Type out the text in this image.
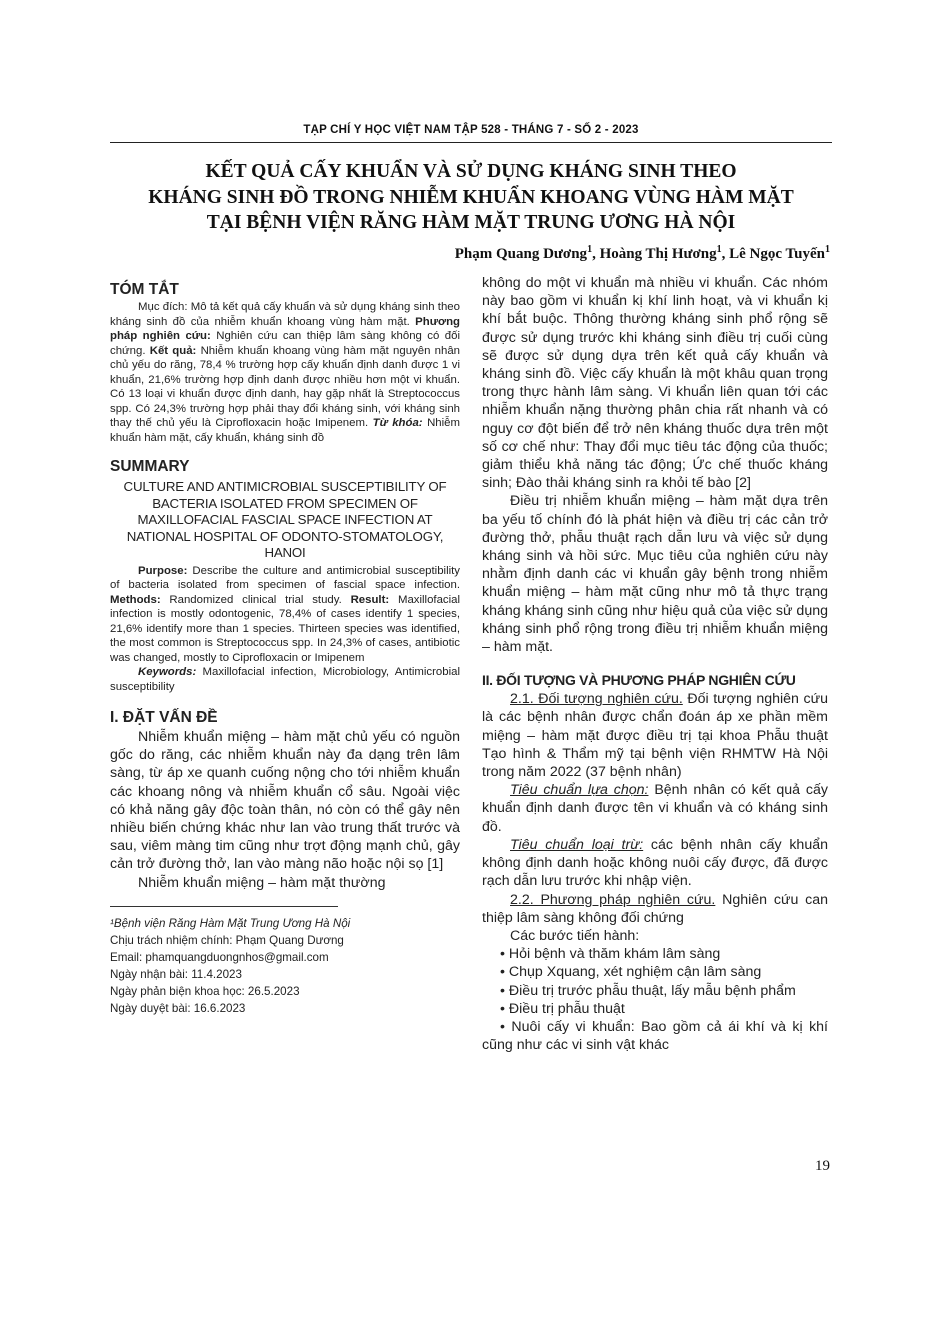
TẠP CHÍ Y HỌC VIỆT NAM TẬP 528 - THÁNG 7 - SỐ 2 - 2023
KẾT QUẢ CẤY KHUẨN VÀ SỬ DỤNG KHÁNG SINH THEO
KHÁNG SINH ĐỒ TRONG NHIỄM KHUẨN KHOANG VÙNG HÀM MẶT
TẠI BỆNH VIỆN RĂNG HÀM MẶT TRUNG ƯƠNG HÀ NỘI
Phạm Quang Dương$^1$, Hoàng Thị Hương$^1$, Lê Ngọc Tuyến$^1$
TÓM TẮT

Mục đích: Mô tả kết quả cấy khuẩn và sử dụng kháng sinh theo kháng sinh đồ của nhiễm khuẩn khoang vùng hàm mặt. Phương pháp nghiên cứu: Nghiên cứu can thiệp lâm sàng không có đối chứng. Kết quả: Nhiễm khuẩn khoang vùng hàm mặt nguyên nhân chủ yếu do răng, 78,4 % trường hợp cấy khuẩn định danh được 1 vi khuẩn, 21,6% trường hợp định danh được nhiều hơn một vi khuẩn. Có 13 loại vi khuẩn được định danh, hay gặp nhất là Streptococcus spp. Có 24,3% trường hợp phải thay đổi kháng sinh, với kháng sinh thay thế chủ yếu là Ciprofloxacin hoặc Imipenem. Từ khóa: Nhiễm khuẩn hàm mặt, cấy khuẩn, kháng sinh đồ

SUMMARY
CULTURE AND ANTIMICROBIAL SUSCEPTIBILITY OF BACTERIA ISOLATED FROM SPECIMEN OF MAXILLOFACIAL FASCIAL SPACE INFECTION AT NATIONAL HOSPITAL OF ODONTO-STOMATOLOGY, HANOI

Purpose: Describe the culture and antimicrobial susceptibility of bacteria isolated from specimen of fascial space infection. Methods: Randomized clinical trial study. Result: Maxillofacial infection is mostly odontogenic, 78,4% of cases identify 1 species, 21,6% identify more than 1 species. Thirteen species was identified, the most common is Streptococcus spp. In 24,3% of cases, antibiotic was changed, mostly to Ciprofloxacin or Imipenem

Keywords: Maxillofacial infection, Microbiology, Antimicrobial susceptibility

I. ĐẶT VẤN ĐỀ

Nhiễm khuẩn miệng – hàm mặt chủ yếu có nguồn gốc do răng, các nhiễm khuẩn này đa dạng trên lâm sàng, từ áp xe quanh cuống nộng cho tới nhiễm khuẩn các khoang nông và nhiễm khuẩn cổ sâu. Ngoài việc có khả năng gây độc toàn thân, nó còn có thể gây nên nhiều biến chứng khác như lan vào trung thất trước và sau, viêm màng tim cũng như trợt động mạnh chủ, gây cản trở đường thở, lan vào màng não hoặc nội sọ [1]

Nhiễm khuẩn miệng – hàm mặt thường

¹Bệnh viện Răng Hàm Mặt Trung Ương Hà Nội
Chịu trách nhiệm chính: Phạm Quang Dương
Email: phamquangduongnhos@gmail.com
Ngày nhận bài: 11.4.2023
Ngày phản biện khoa học: 26.5.2023
Ngày duyệt bài: 16.6.2023

không do một vi khuẩn mà nhiều vi khuẩn. Các nhóm này bao gồm vi khuẩn kị khí linh hoạt, và vi khuẩn kị khí bắt buộc. Thông thường kháng sinh phổ rộng sẽ được sử dụng trước khi kháng sinh điều trị cuối cùng sẽ được sử dụng dựa trên kết quả cấy khuẩn và kháng sinh đồ. Việc cấy khuẩn là một khâu quan trọng trong thực hành lâm sàng. Vi khuẩn liên quan tới các nhiễm khuẩn nặng thường phân chia rất nhanh và có nguy cơ đột biến để trở nên kháng thuốc dựa trên một số cơ chế như: Thay đổi mục tiêu tác động của thuốc; giảm thiểu khả năng tác động; Ức chế thuốc kháng sinh; Đào thải kháng sinh ra khỏi tế bào [2]

Điều trị nhiễm khuẩn miệng – hàm mặt dựa trên ba yếu tố chính đó là phát hiện và điều trị các cản trở đường thở, phẫu thuật rạch dẫn lưu và việc sử dụng kháng sinh và hồi sức. Mục tiêu của nghiên cứu này nhằm định danh các vi khuẩn gây bệnh trong nhiễm khuẩn miệng – hàm mặt cũng như mô tả thực trạng kháng kháng sinh cũng như hiệu quả của việc sử dụng kháng sinh phổ rộng trong điều trị nhiễm khuẩn miệng – hàm mặt.

II. ĐỐI TƯỢNG VÀ PHƯƠNG PHÁP NGHIÊN CỨU

2.1. Đối tượng nghiên cứu. Đối tượng nghiên cứu là các bệnh nhân được chẩn đoán áp xe phần mềm miệng – hàm mặt được điều trị tại khoa Phẫu thuật Tạo hình & Thẩm mỹ tại bệnh viện RHMTW Hà Nội trong năm 2022 (37 bệnh nhân)

Tiêu chuẩn lựa chọn: Bệnh nhân có kết quả cấy khuẩn định danh được tên vi khuẩn và có kháng sinh đồ.

Tiêu chuẩn loại trừ: các bệnh nhân cấy khuẩn không định danh hoặc không nuôi cấy được, đã được rạch dẫn lưu trước khi nhập viện.

2.2. Phương pháp nghiên cứu. Nghiên cứu can thiệp lâm sàng không đối chứng

Các bước tiến hành:

• Hỏi bệnh và thăm khám lâm sàng

• Chụp Xquang, xét nghiệm cận lâm sàng

• Điều trị trước phẫu thuật, lấy mẫu bệnh phẩm

• Điều trị phẫu thuật

• Nuôi cấy vi khuẩn: Bao gồm cả ái khí và kị khí cũng như các vi sinh vật khác

19
